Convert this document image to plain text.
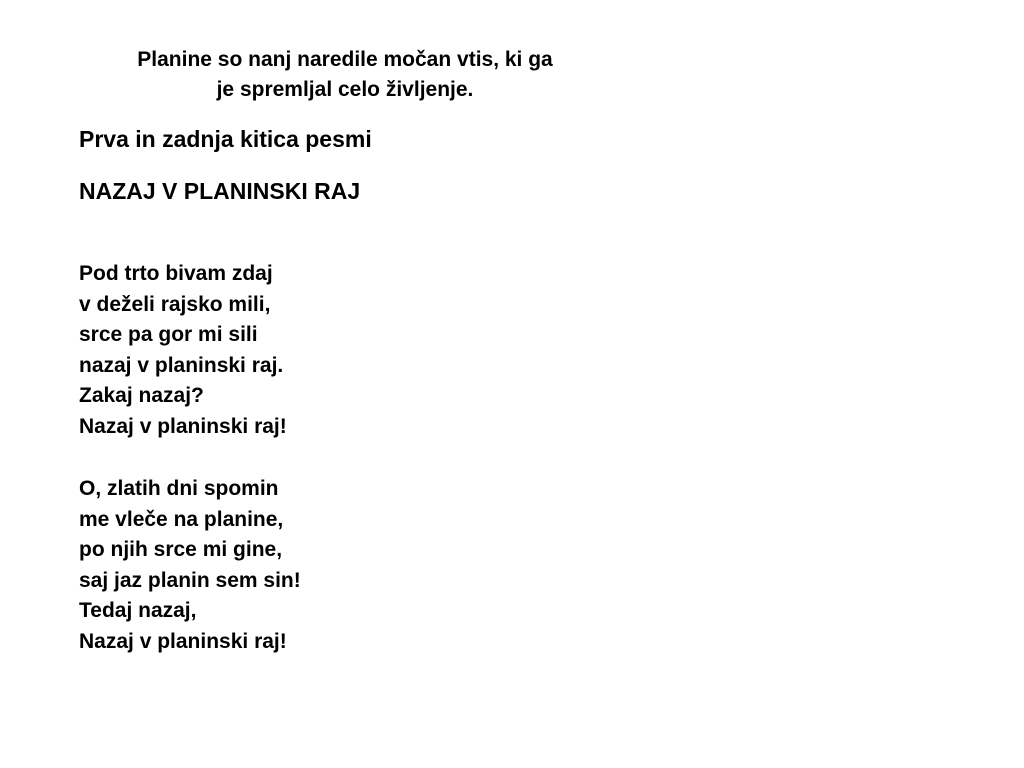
Planine so nanj naredile močan vtis, ki ga
je spremljal celo življenje.
Prva in zadnja kitica pesmi
NAZAJ V PLANINSKI RAJ
Pod trto bivam zdaj
v deželi rajsko mili,
srce pa gor mi sili
nazaj v planinski raj.
Zakaj nazaj?
Nazaj v planinski raj!
O, zlatih dni spomin
me vleče na planine,
po njih srce mi gine,
saj jaz planin sem sin!
Tedaj nazaj,
Nazaj v planinski raj!
